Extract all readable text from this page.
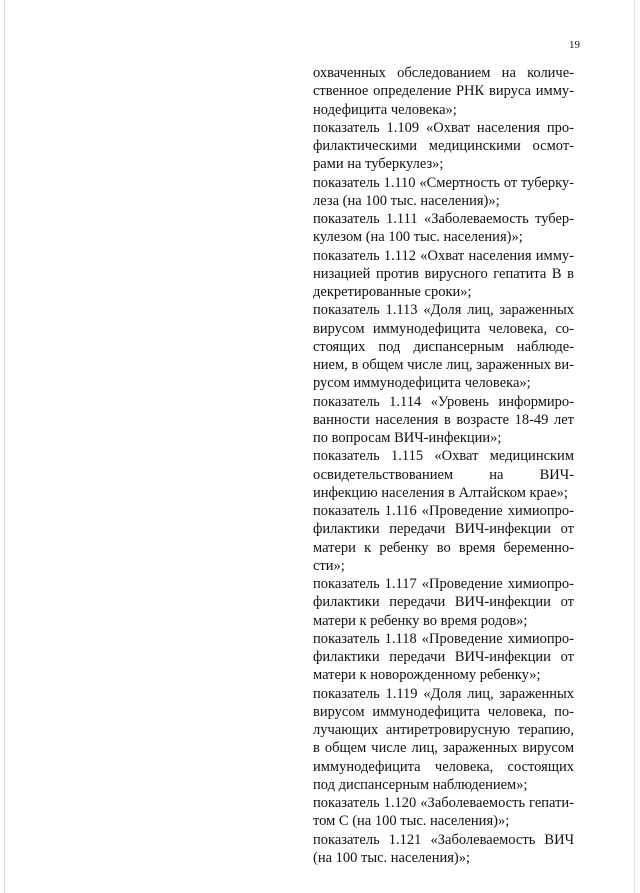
19
охваченных обследованием на количе-
ственное определение РНК вируса имму-
нодефицита человека»;
показатель 1.109 «Охват населения про-
филактическими медицинскими осмот-
рами на туберкулез»;
показатель 1.110 «Смертность от туберку-
леза (на 100 тыс. населения)»;
показатель 1.111 «Заболеваемость тубер-
кулезом (на 100 тыс. населения)»;
показатель 1.112 «Охват населения имму-
низацией против вирусного гепатита В в
декретированные сроки»;
показатель 1.113 «Доля лиц, зараженных
вирусом иммунодефицита человека, со-
стоящих под диспансерным наблюде-
нием, в общем числе лиц, зараженных ви-
русом иммунодефицита человека»;
показатель 1.114 «Уровень информиро-
ванности населения в возрасте 18-49 лет
по вопросам ВИЧ-инфекции»;
показатель 1.115 «Охват медицинским
освидетельствованием на ВИЧ-
инфекцию населения в Алтайском крае»;
показатель 1.116 «Проведение химиопро-
филактики передачи ВИЧ-инфекции от
матери к ребенку во время беременно-
сти»;
показатель 1.117 «Проведение химиопро-
филактики передачи ВИЧ-инфекции от
матери к ребенку во время родов»;
показатель 1.118 «Проведение химиопро-
филактики передачи ВИЧ-инфекции от
матери к новорожденному ребенку»;
показатель 1.119 «Доля лиц, зараженных
вирусом иммунодефицита человека, по-
лучающих антиретровирусную терапию,
в общем числе лиц, зараженных вирусом
иммунодефицита человека, состоящих
под диспансерным наблюдением»;
показатель 1.120 «Заболеваемость гепати-
том С (на 100 тыс. населения)»;
показатель 1.121 «Заболеваемость ВИЧ
(на 100 тыс. населения)»;
